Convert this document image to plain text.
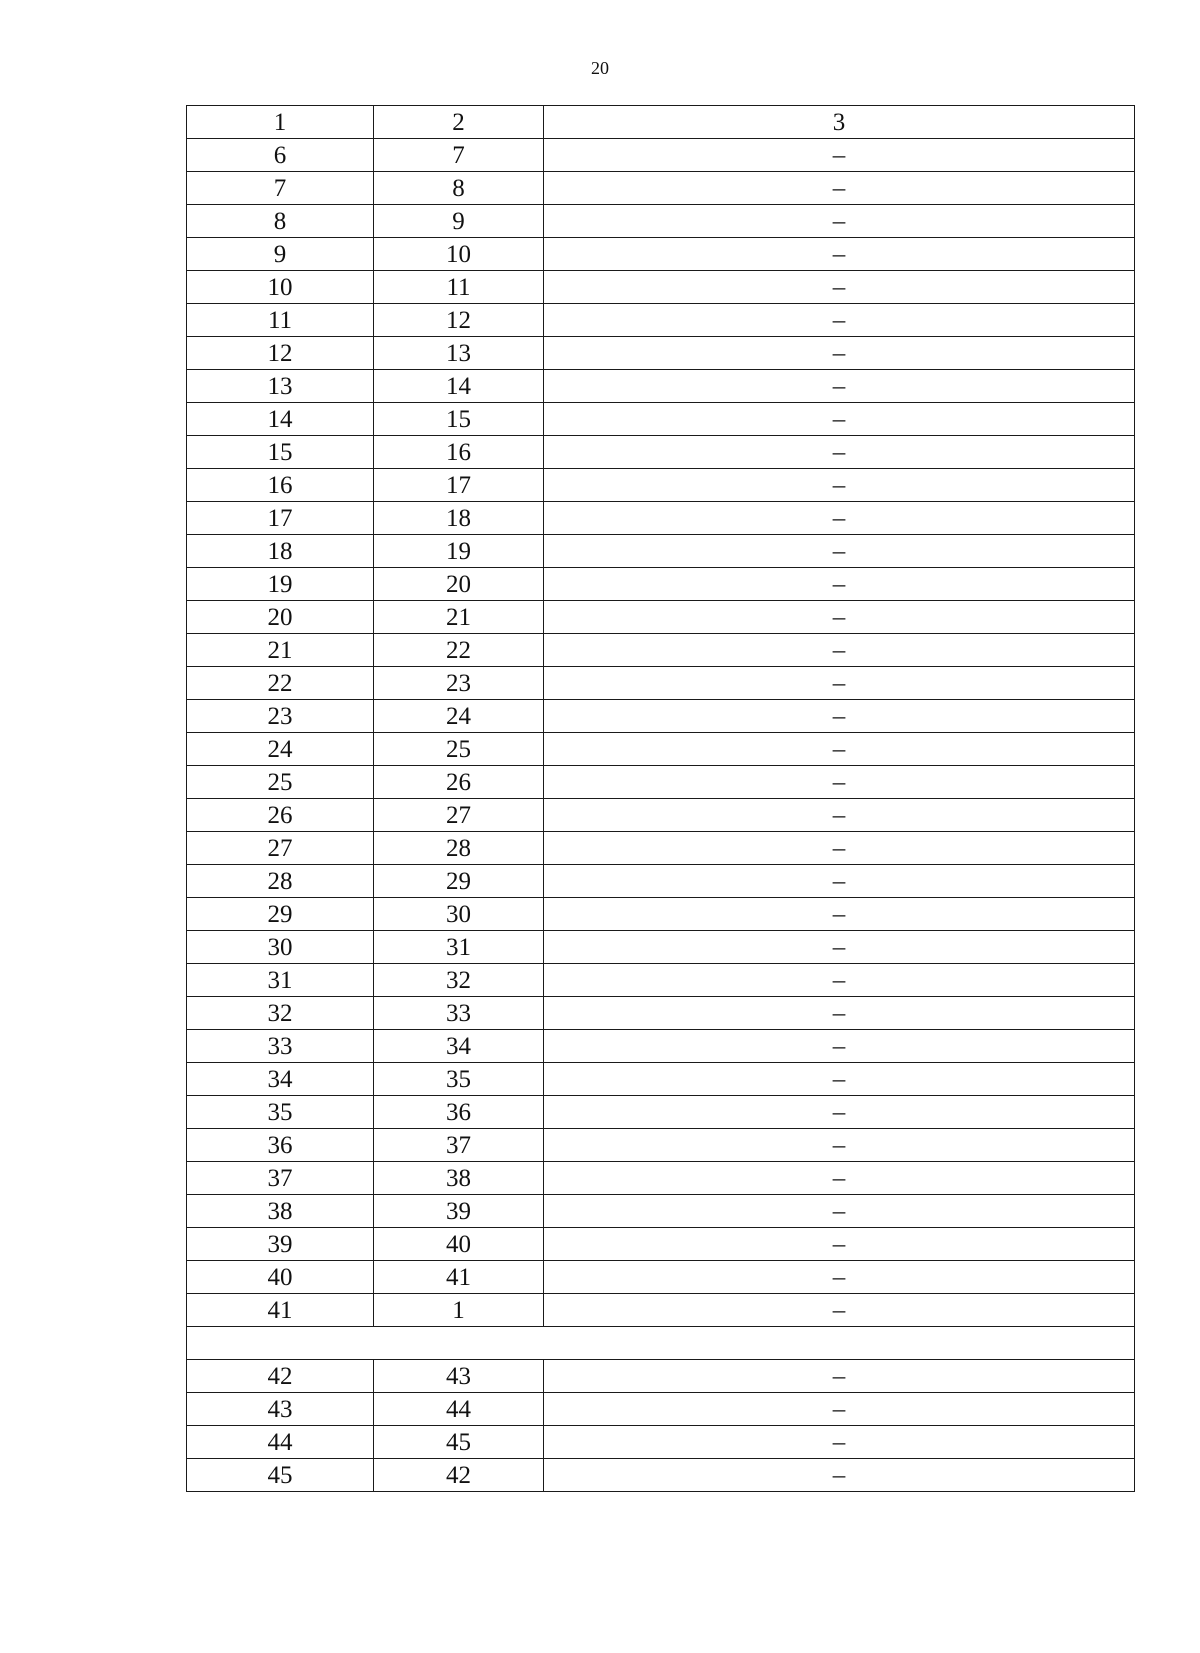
20
1	2	3
6	7	–
7	8	–
8	9	–
9	10	–
10	11	–
11	12	–
12	13	–
13	14	–
14	15	–
15	16	–
16	17	–
17	18	–
18	19	–
19	20	–
20	21	–
21	22	–
22	23	–
23	24	–
24	25	–
25	26	–
26	27	–
27	28	–
28	29	–
29	30	–
30	31	–
31	32	–
32	33	–
33	34	–
34	35	–
35	36	–
36	37	–
37	38	–
38	39	–
39	40	–
40	41	–
41	1	–

42	43	–
43	44	–
44	45	–
45	42	–
